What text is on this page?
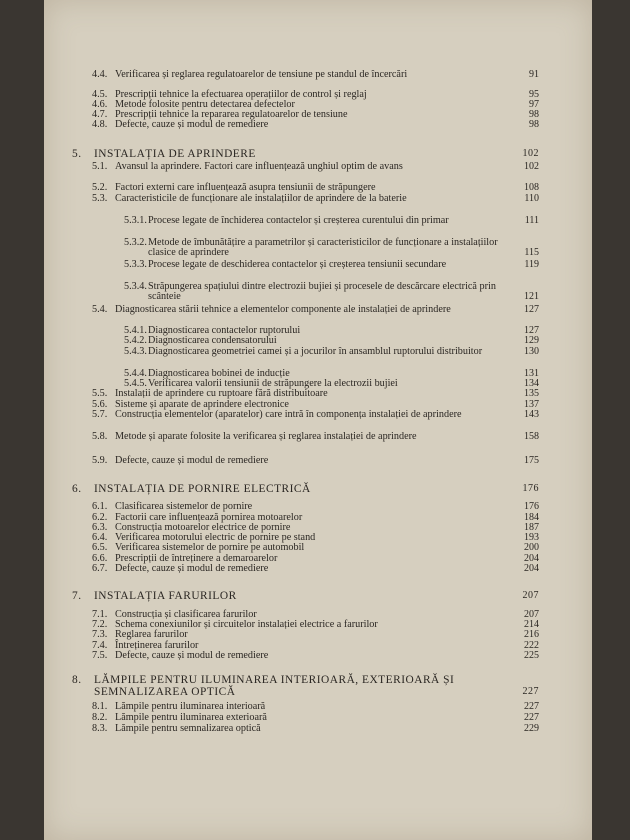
4.4. Verificarea și reglarea regulatoarelor de tensiune pe standul de încercări	91
4.5. Prescripții tehnice la efectuarea operațiilor de control și reglaj	95
4.6. Metode folosite pentru detectarea defectelor	97
4.7. Prescripții tehnice la repararea regulatoarelor de tensiune	98
4.8. Defecte, cauze și modul de remediere	98
5. INSTALAȚIA DE APRINDERE	102
5.1. Avansul la aprindere. Factori care influențează unghiul optim de avans	102
5.2. Factori externi care influențează asupra tensiunii de străpungere	108
5.3. Caracteristicile de funcționare ale instalațiilor de aprindere de la baterie	110
5.3.1. Procese legate de închiderea contactelor și creșterea curentului din primar	111
5.3.2. Metode de îmbunătățire a parametrilor și caracteristicilor de funcționare a instalațiilor clasice de aprindere	115
5.3.3. Procese legate de deschiderea contactelor și creșterea tensiunii secundare	119
5.3.4. Străpungerea spațiului dintre electrozii bujiei și procesele de descărcare electrică prin scânteie	121
5.4. Diagnosticarea stării tehnice a elementelor componente ale instalației de aprindere	127
5.4.1. Diagnosticarea contactelor ruptorului	127
5.4.2. Diagnosticarea condensatorului	129
5.4.3. Diagnosticarea geometriei camei și a jocurilor în ansamblul ruptorului distribuitor	130
5.4.4. Diagnosticarea bobinei de inducție	131
5.4.5. Verificarea valorii tensiunii de străpungere la electrozii bujiei	134
5.5. Instalații de aprindere cu ruptoare fără distribuitoare	135
5.6. Sisteme și aparate de aprindere electronice	137
5.7. Construcția elementelor (aparatelor) care intră în componența instalației de aprindere	143
5.8. Metode și aparate folosite la verificarea și reglarea instalației de aprindere	158
5.9. Defecte, cauze și modul de remediere	175
6. INSTALAȚIA DE PORNIRE ELECTRICĂ	176
6.1. Clasificarea sistemelor de pornire	176
6.2. Factorii care influențează pornirea motoarelor	184
6.3. Construcția motoarelor electrice de pornire	187
6.4. Verificarea motorului electric de pornire pe stand	193
6.5. Verificarea sistemelor de pornire pe automobil	200
6.6. Prescripții de întreținere a demaroarelor	204
6.7. Defecte, cauze și modul de remediere	204
7. INSTALAȚIA FARURILOR	207
7.1. Construcția și clasificarea farurilor	207
7.2. Schema conexiunilor și circuitelor instalației electrice a farurilor	214
7.3. Reglarea farurilor	216
7.4. Întreținerea farurilor	222
7.5. Defecte, cauze și modul de remediere	225
8. LĂMPILE PENTRU ILUMINAREA INTERIOARĂ, EXTERIOARĂ ȘI SEMNALIZAREA OPTICĂ	227
8.1. Lămpile pentru iluminarea interioară	227
8.2. Lămpile pentru iluminarea exterioară	227
8.3. Lămpile pentru semnalizarea optică	229
